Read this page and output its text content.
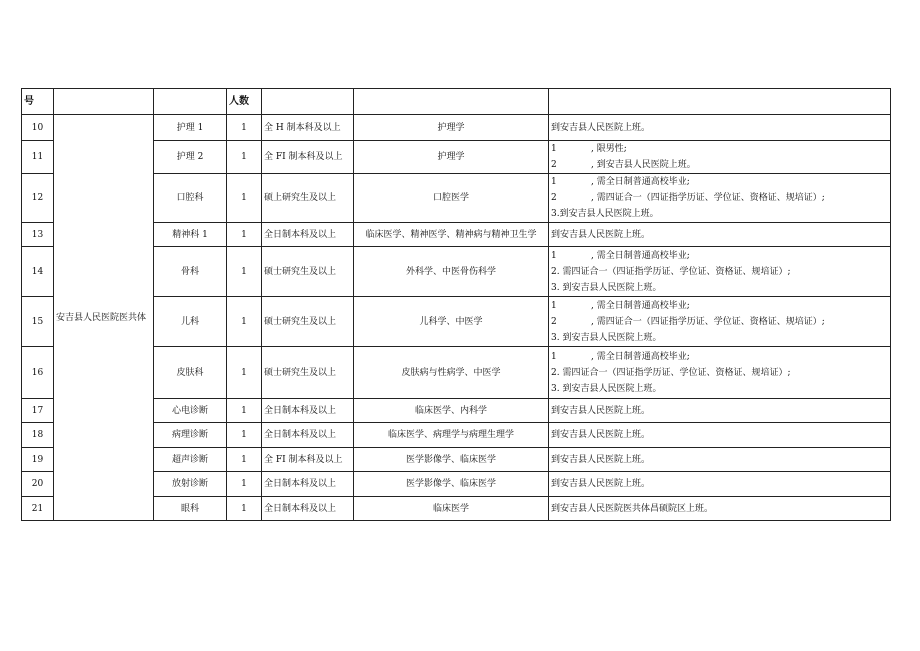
号			人数			
10	安吉县人民医院医共体	护理 1	1	全 H 制本科及以上	护理学	到安吉县人民医院上班。

11		护理 2	1	全 FI 制本科及以上	护理学	1 , 限男性;
2 , 到安吉县人民医院上班。

12		口腔科	1	硕上研究生及以上	口腔医学	1 , 需全日制普通高校毕业;
2 , 需四证合一（四证指学历证、学位证、资格证、规培证）;
3.到安吉县人民医院上班。

13		精神科 1	1	全日制本科及以上	临床医学、精神医学、精神病与精神卫生学	到安吉县人民医院上班。

14		骨科	1	硕士研究生及以上	外科学、中医骨伤科学	1 , 需全日制普通高校毕业;
2. 需四证合一（四证指学历证、学位证、资格证、规培证）;
3. 到安吉县人民医院上班。

15		儿科	1	硕士研究生及以上	儿科学、中医学	1 , 需全日制普通高校毕业;
2 , 需四证合一（四证指学历证、学位证、资格证、规培证）;
3. 到安吉县人民医院上班。

16		皮肤科	1	硕士研究生及以上	皮肤病与性病学、中医学	1 , 需全日制普通高校毕业;
2. 需四证合一（四证指学历证、学位证、资格证、规培证）;
3. 到安吉县人民医院上班。

17		心电诊断	1	全日制本科及以上	临床医学、内科学	到安吉县人民医院上班。

18		病理诊断	1	全日制本科及以上	临床医学、病理学与病理生理学	到安吉县人民医院上班。

19		超声诊断	1	全 FI 制本科及以上	医学影像学、临床医学	到安吉县人民医院上班。

20		放射诊断	1	全日制本科及以上	医学影像学、临床医学	到安吉县人民医院上班。

21		眼科	1	全日制本科及以上	临床医学	到安吉县人民医院医共体昌硕院区上班。
